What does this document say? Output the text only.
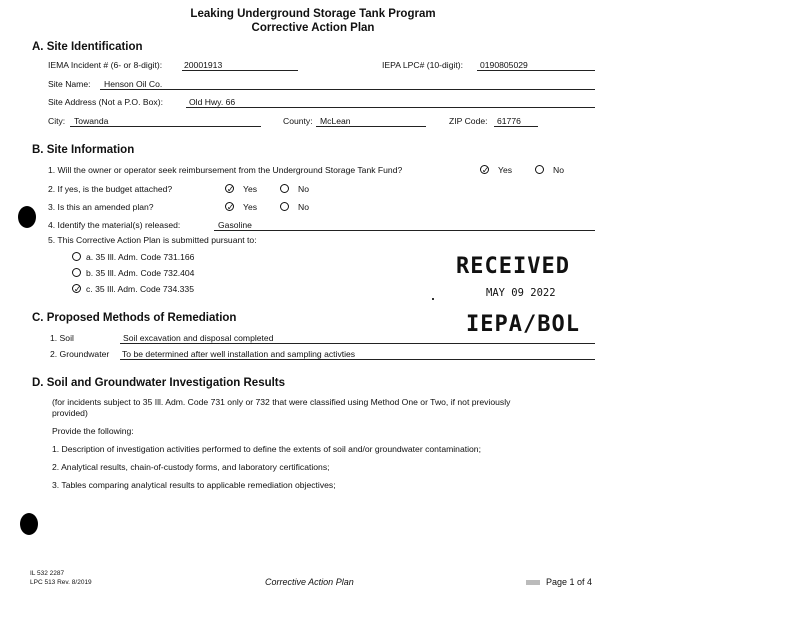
Leaking Underground Storage Tank Program
Corrective Action Plan
A. Site Identification
IEMA Incident # (6- or 8-digit):	20001913	IEPA LPC# (10-digit): 0190805029
Site Name: Henson Oil Co.
Site Address (Not a P.O. Box):	Old Hwy. 66
City: Towanda	County: McLean	ZIP Code: 61776
B. Site Information
1. Will the owner or operator seek reimbursement from the Underground Storage Tank Fund?	✓ Yes	No
2. If yes, is the budget attached?	✓ Yes	No
3. Is this an amended plan?	✓ Yes	No
4. Identify the material(s) released:	Gasoline
5. This Corrective Action Plan is submitted pursuant to:
a. 35 Ill. Adm. Code 731.166
b. 35 Ill. Adm. Code 732.404
✓ c. 35 Ill. Adm. Code 734.335
RECEIVED
MAY 09 2022
IEPA/BOL
C. Proposed Methods of Remediation
1. Soil	Soil excavation and disposal completed
2. Groundwater To be determined after well installation and sampling activties
D. Soil and Groundwater Investigation Results
(for incidents subject to 35 Ill. Adm. Code 731 only or 732 that were classified using Method One or Two, if not previously
provided)
Provide the following:
1. Description of investigation activities performed to define the extents of soil and/or groundwater contamination;
2. Analytical results, chain-of-custody forms, and laboratory certifications;
3. Tables comparing analytical results to applicable remediation objectives;
IL 532 2287
LPC 513 Rev. 8/2019	Corrective Action Plan	Page 1 of 4
